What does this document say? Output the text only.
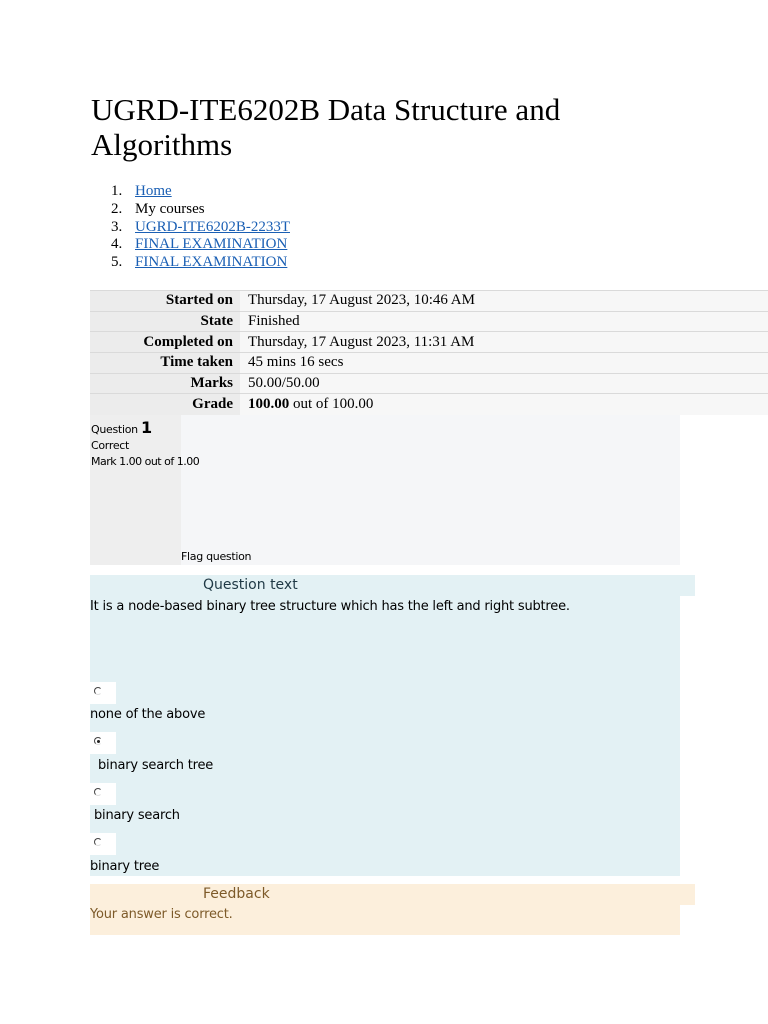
UGRD-ITE6202B Data Structure and Algorithms
1. Home
2. My courses
3. UGRD-ITE6202B-2233T
4. FINAL EXAMINATION
5. FINAL EXAMINATION
Started on	Thursday, 17 August 2023, 10:46 AM
State	Finished
Completed on	Thursday, 17 August 2023, 11:31 AM
Time taken	45 mins 16 secs
Marks	50.00/50.00
Grade	100.00 out of 100.00
Question 1
Correct
Mark 1.00 out of 1.00
Flag question
Question text
It is a node-based binary tree structure which has the left and right subtree.
none of the above
binary search tree
binary search
binary tree
Feedback
Your answer is correct.
